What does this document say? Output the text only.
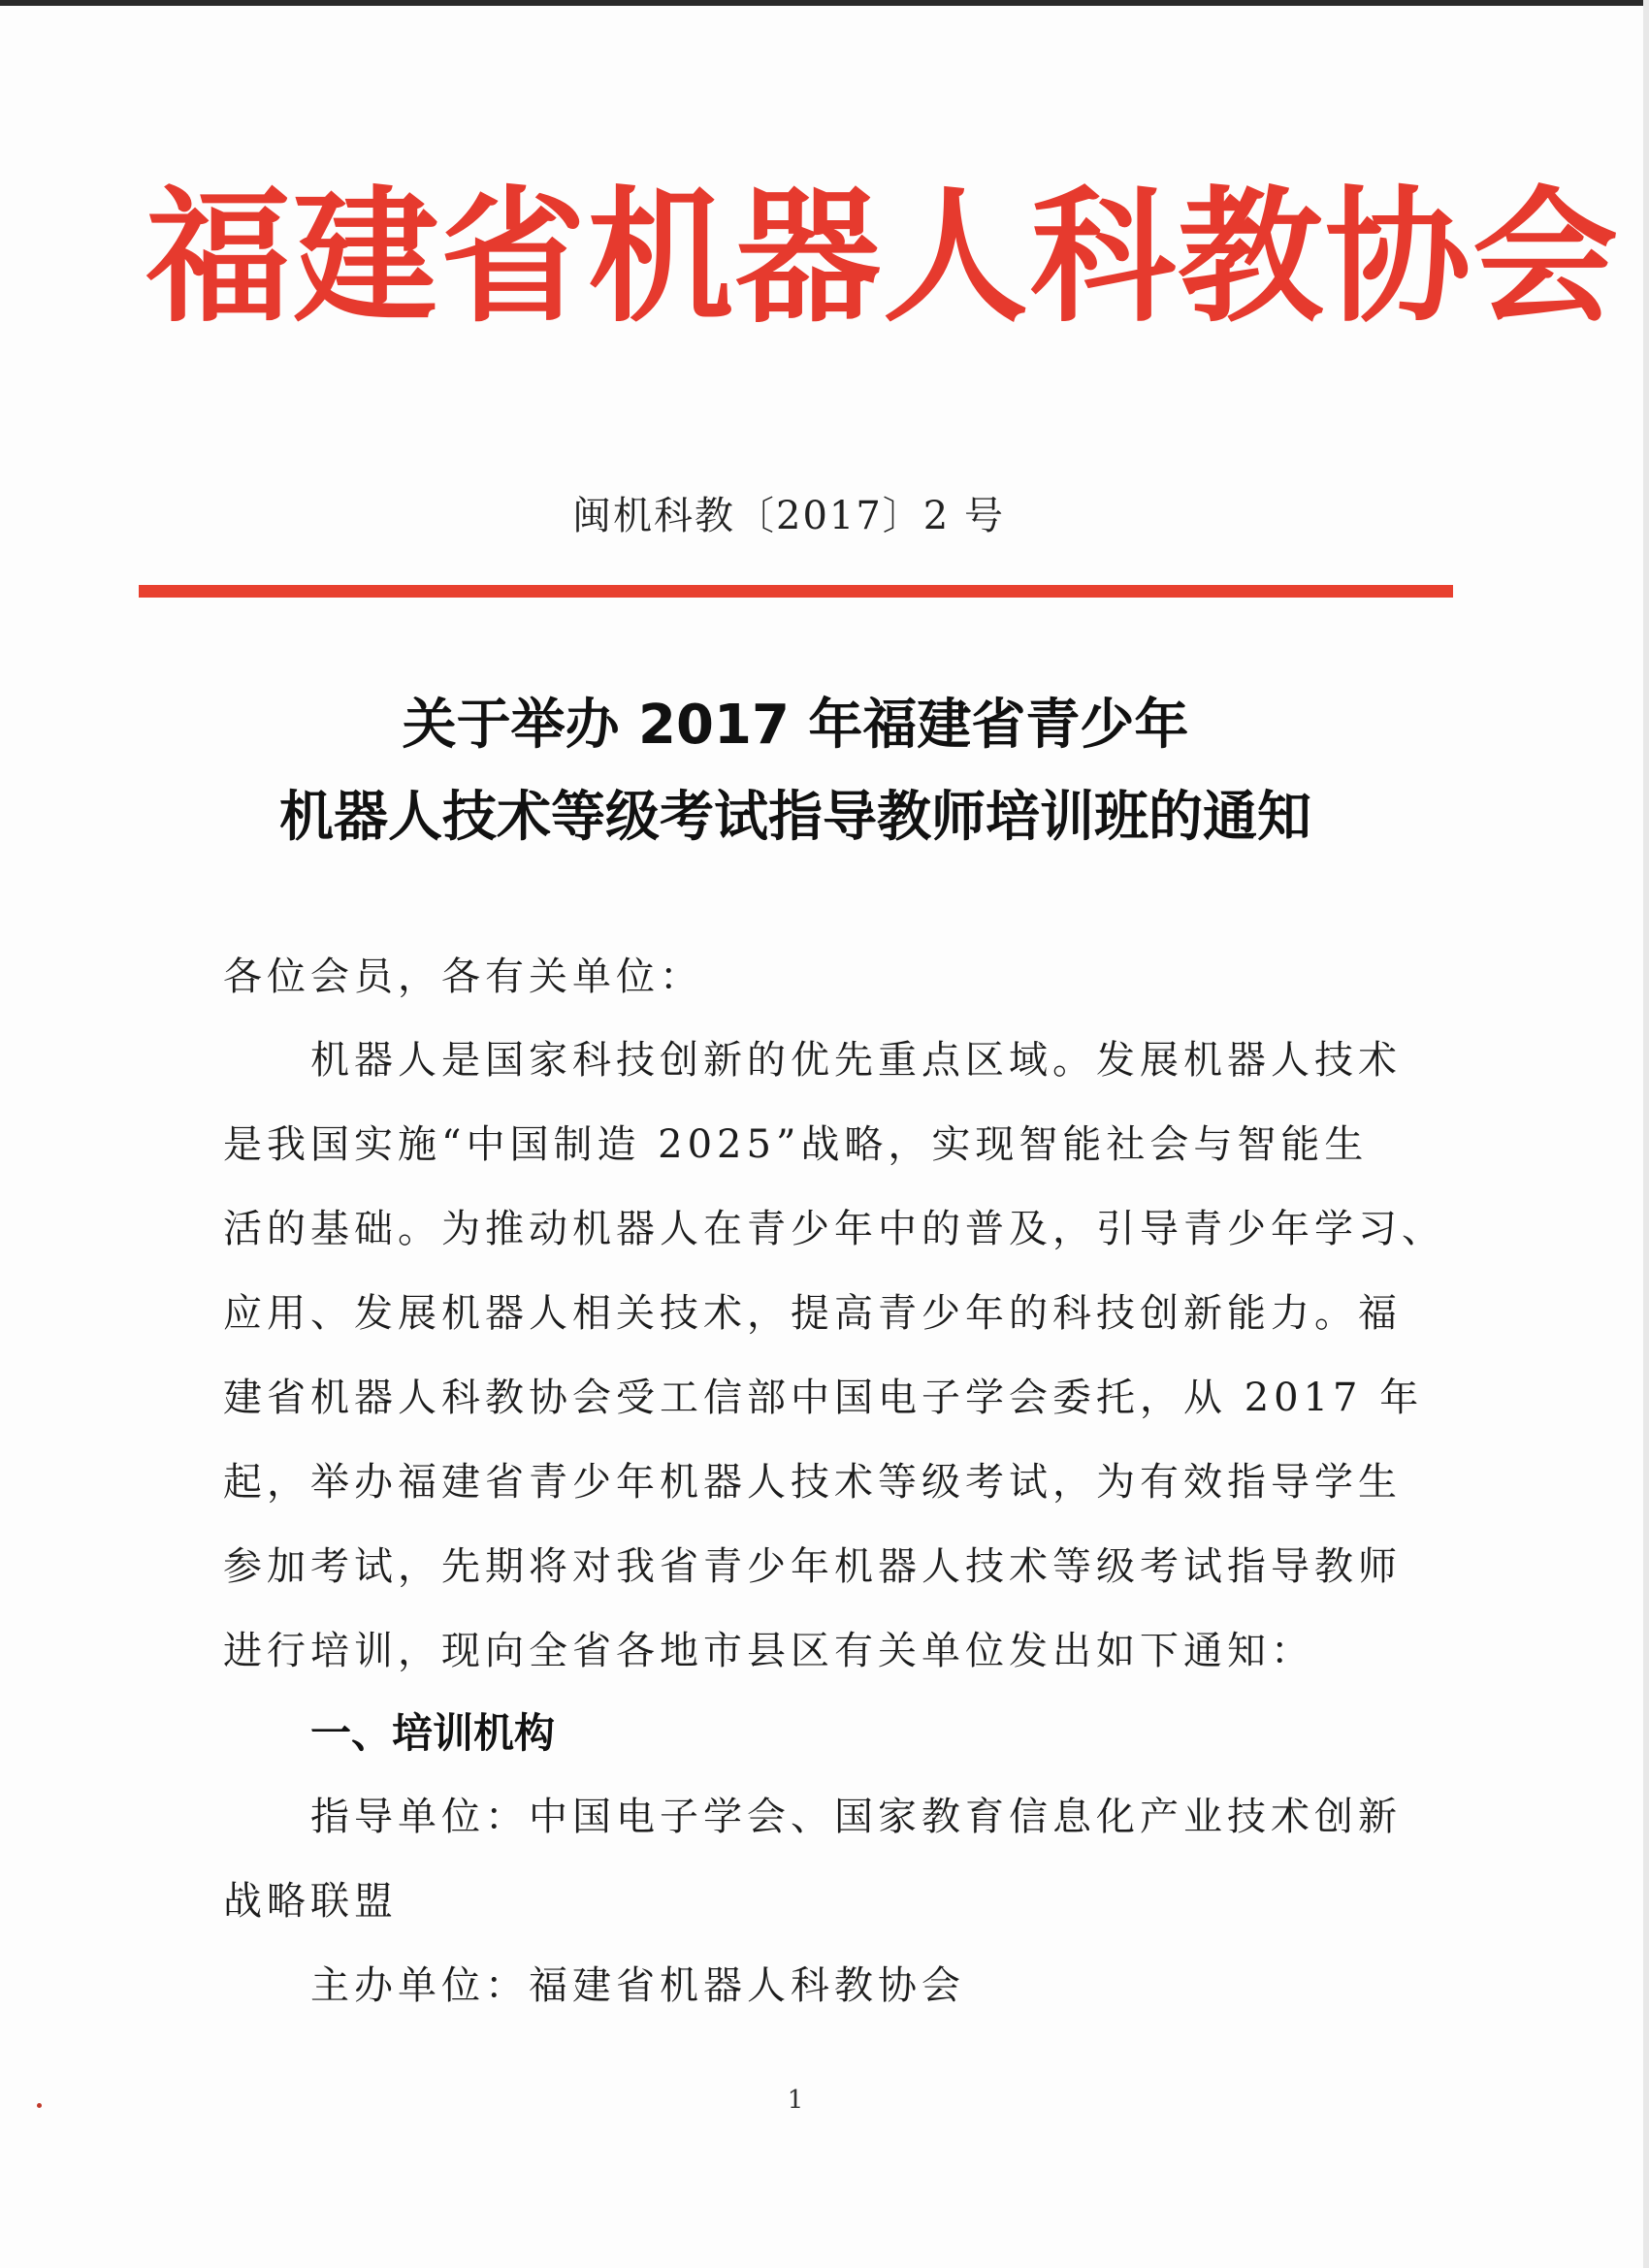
福建省机器人科教协会
闽机科教〔2017〕2 号
关于举办 2017 年福建省青少年
机器人技术等级考试指导教师培训班的通知
各位会员，各有关单位：
机器人是国家科技创新的优先重点区域。发展机器人技术
是我国实施“中国制造 2025”战略，实现智能社会与智能生
活的基础。为推动机器人在青少年中的普及，引导青少年学习、
应用、发展机器人相关技术，提高青少年的科技创新能力。福
建省机器人科教协会受工信部中国电子学会委托，从 2017 年
起，举办福建省青少年机器人技术等级考试，为有效指导学生
参加考试，先期将对我省青少年机器人技术等级考试指导教师
进行培训，现向全省各地市县区有关单位发出如下通知：
一、培训机构
指导单位：中国电子学会、国家教育信息化产业技术创新
战略联盟
主办单位：福建省机器人科教协会
1
